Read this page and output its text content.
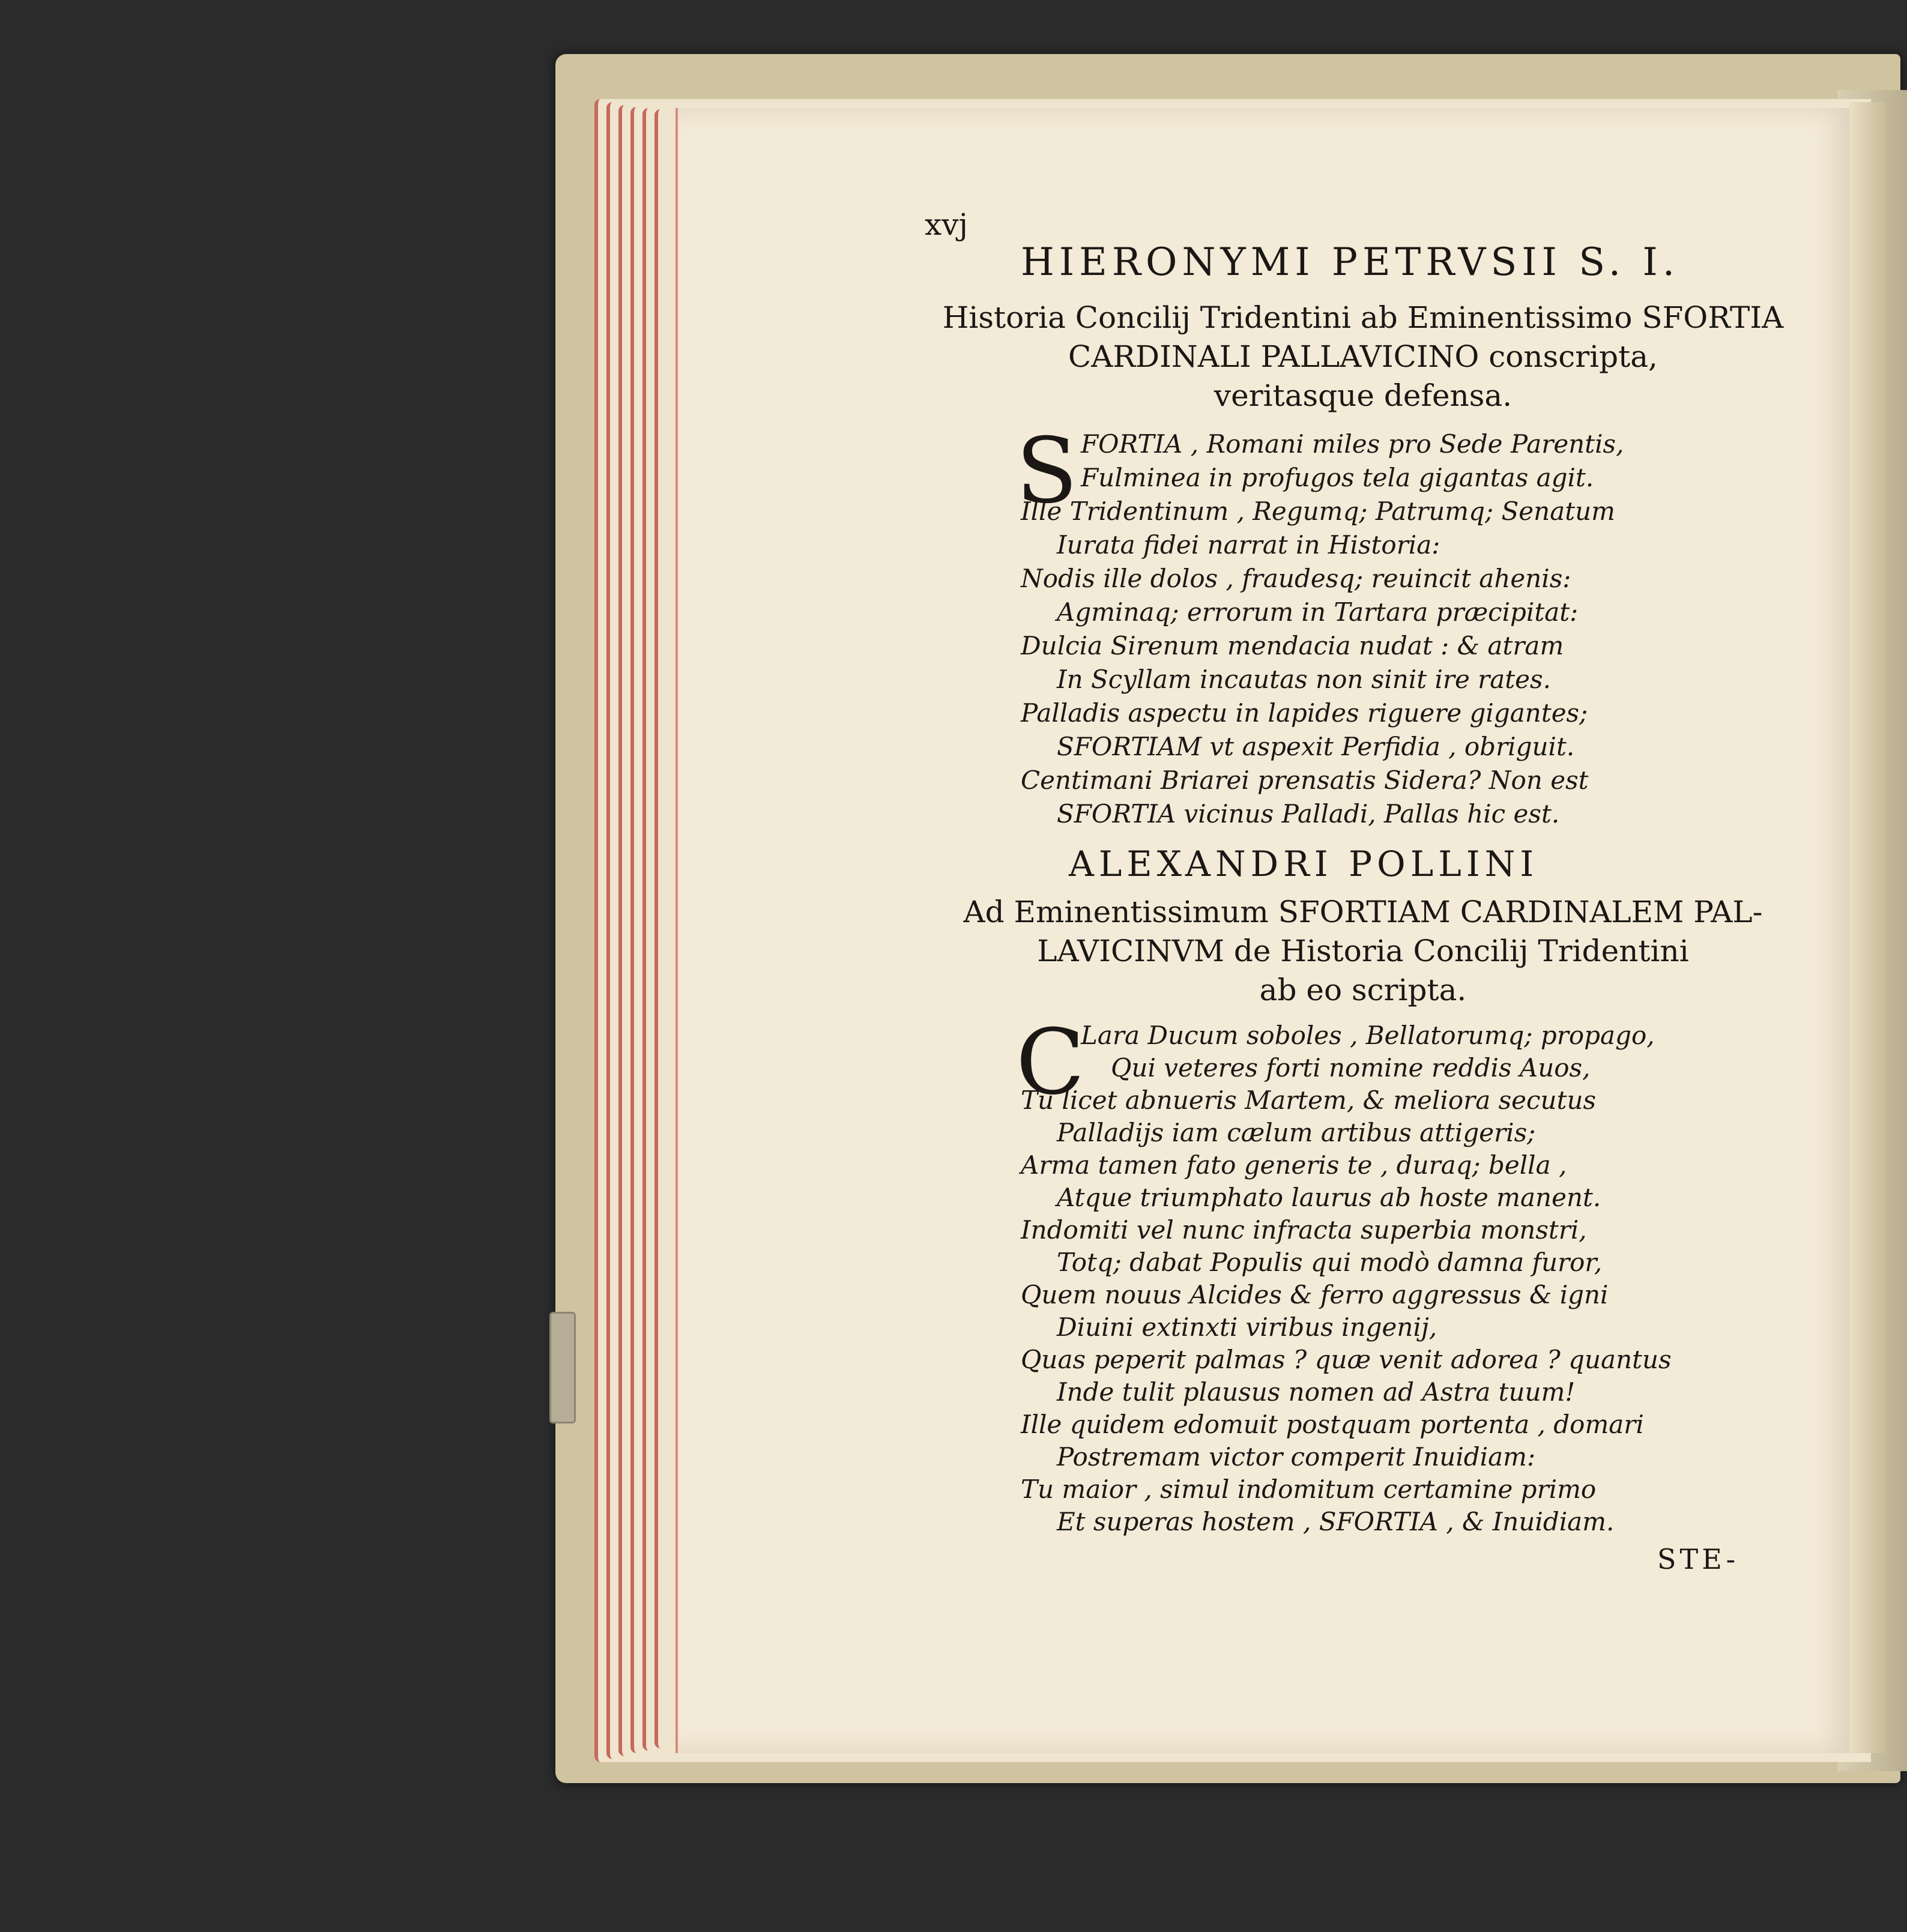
xvj
HIERONYMI PETRVSII S. I.
Historia Concilij Tridentini ab Eminentissimo SFORTIA
CARDINALI PALLAVICINO conscripta,
veritasque defensa.
S FORTIA , Romani miles pro Sede Parentis,
Fulminea in profugos tela gigantas agit.
Ille Tridentinum , Regumq; Patrumq; Senatum
Iurata fidei narrat in Historia:
Nodis ille dolos , fraudesq; reuincit ahenis:
Agminaq; errorum in Tartara præcipitat:
Dulcia Sirenum mendacia nudat : & atram
In Scyllam incautas non sinit ire rates.
Palladis aspectu in lapides riguere gigantes;
SFORTIAM vt aspexit Perfidia , obriguit.
Centimani Briarei prensatis Sidera? Non est
SFORTIA vicinus Palladi, Pallas hic est.
ALEXANDRI POLLINI
Ad Eminentissimum SFORTIAM CARDINALEM PAL-
LAVICINVM de Historia Concilij Tridentini
ab eo scripta.
C
Lara Ducum soboles , Bellatorumq; propago,
Qui veteres forti nomine reddis Auos,
Tu licet abnueris Martem, & meliora secutus
Palladijs iam cælum artibus attigeris;
Arma tamen fato generis te , duraq; bella ,
Atque triumphato laurus ab hoste manent.
Indomiti vel nunc infracta superbia monstri,
Totq; dabat Populis qui modò damna furor,
Quem nouus Alcides & ferro aggressus & igni
Diuini extinxti viribus ingenij,
Quas peperit palmas ? quæ venit adorea ? quantus
Inde tulit plausus nomen ad Astra tuum!
Ille quidem edomuit postquam portenta , domari
Postremam victor comperit Inuidiam:
Tu maior , simul indomitum certamine primo
Et superas hostem , SFORTIA , & Inuidiam.
STE-
